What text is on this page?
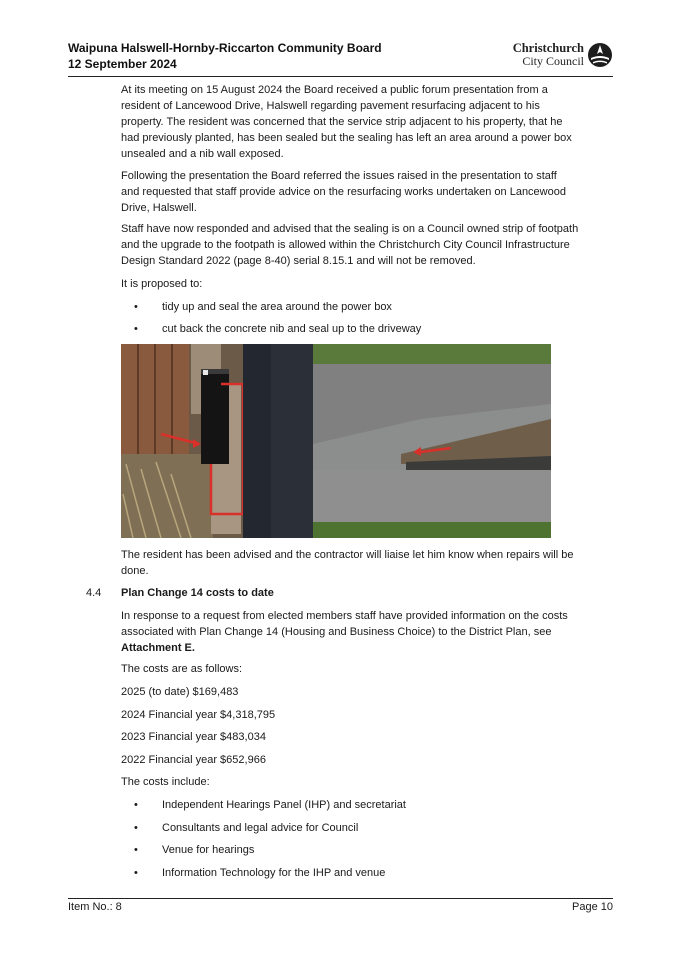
Waipuna Halswell-Hornby-Riccarton Community Board
12 September 2024
Christchurch
City Council

At its meeting on 15 August 2024 the Board received a public forum presentation from a

resident of Lancewood Drive, Halswell regarding pavement resurfacing adjacent to his

property. The resident was concerned that the service strip adjacent to his property, that he

had previously planted, has been sealed but the sealing has left an area around a power box

unsealed and a nib wall exposed.

Following the presentation the Board referred the issues raised in the presentation to staff

and requested that staff provide advice on the resurfacing works undertaken on Lancewood

Drive, Halswell.

Staff have now responded and advised that the sealing is on a Council owned strip of footpath

and the upgrade to the footpath is allowed within the Christchurch City Council Infrastructure

Design Standard 2022 (page 8-40) serial 8.15.1 and will not be removed.

It is proposed to:

• tidy up and seal the area around the power box
• cut back the concrete nib and seal up to the driveway

The resident has been advised and the contractor will liaise let him know when repairs will be

done.

4.4 Plan Change 14 costs to date

In response to a request from elected members staff have provided information on the costs

associated with Plan Change 14 (Housing and Business Choice) to the District Plan, see

Attachment E.

The costs are as follows:

2025 (to date) $169,483

2024 Financial year $4,318,795

2023 Financial year $483,034

2022 Financial year $652,966

The costs include:

• Independent Hearings Panel (IHP) and secretariat
• Consultants and legal advice for Council
• Venue for hearings
• Information Technology for the IHP and venue
Item No.: 8	Page 10
